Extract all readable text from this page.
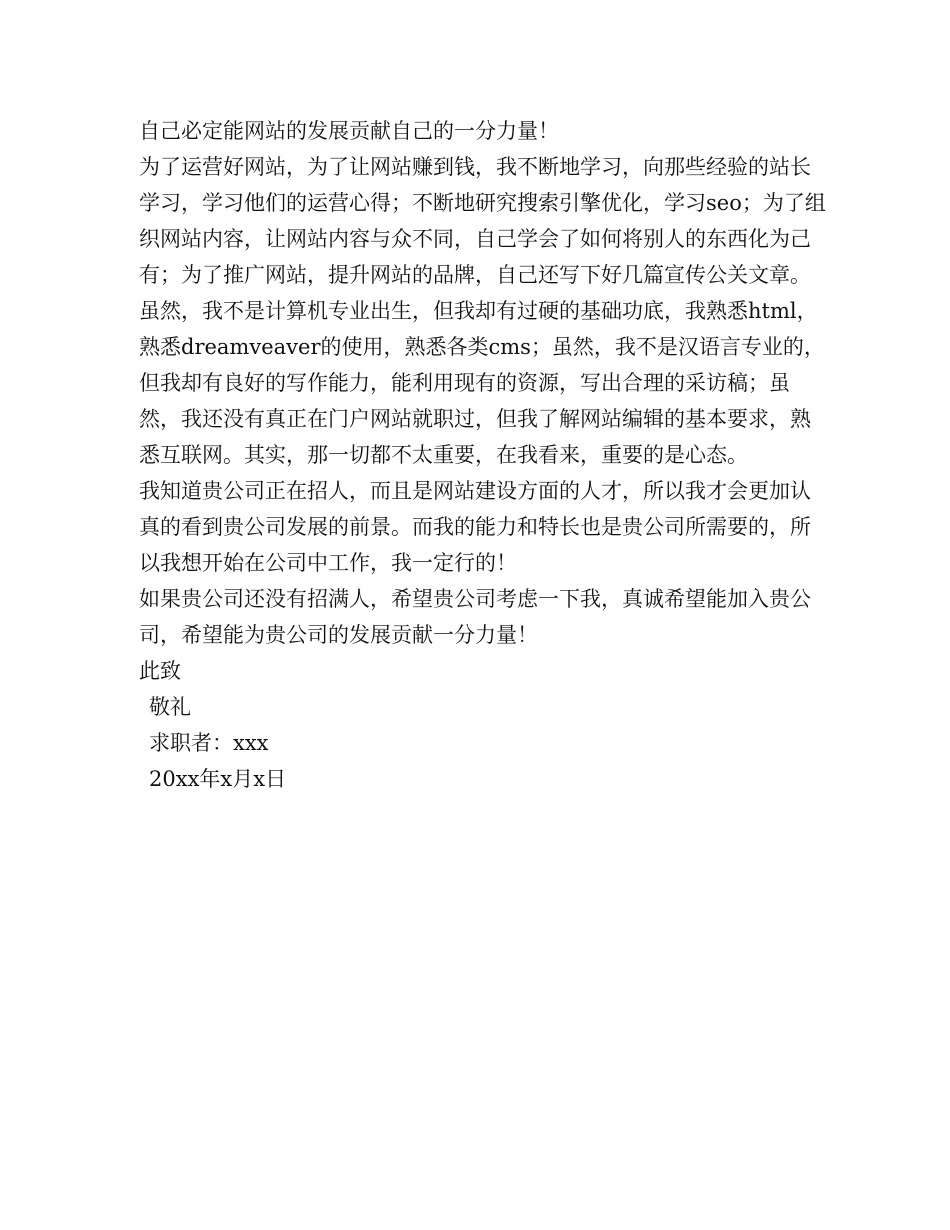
自己必定能网站的发展贡献自己的一分力量！

为了运营好网站，为了让网站赚到钱，我不断地学习，向那些经验的站长学习，学习他们的运营心得；不断地研究搜索引擎优化，学习seo；为了组织网站内容，让网站内容与众不同，自己学会了如何将别人的东西化为己有；为了推广网站，提升网站的品牌，自己还写下好几篇宣传公关文章。

虽然，我不是计算机专业出生，但我却有过硬的基础功底，我熟悉html，熟悉dreamveaver的使用，熟悉各类cms；虽然，我不是汉语言专业的，但我却有良好的写作能力，能利用现有的资源，写出合理的采访稿；虽然，我还没有真正在门户网站就职过，但我了解网站编辑的基本要求，熟悉互联网。其实，那一切都不太重要，在我看来，重要的是心态。

我知道贵公司正在招人，而且是网站建设方面的人才，所以我才会更加认真的看到贵公司发展的前景。而我的能力和特长也是贵公司所需要的，所以我想开始在公司中工作，我一定行的！

如果贵公司还没有招满人，希望贵公司考虑一下我，真诚希望能加入贵公司，希望能为贵公司的发展贡献一分力量！

此致

敬礼

求职者：xxx

20xx年x月x日
